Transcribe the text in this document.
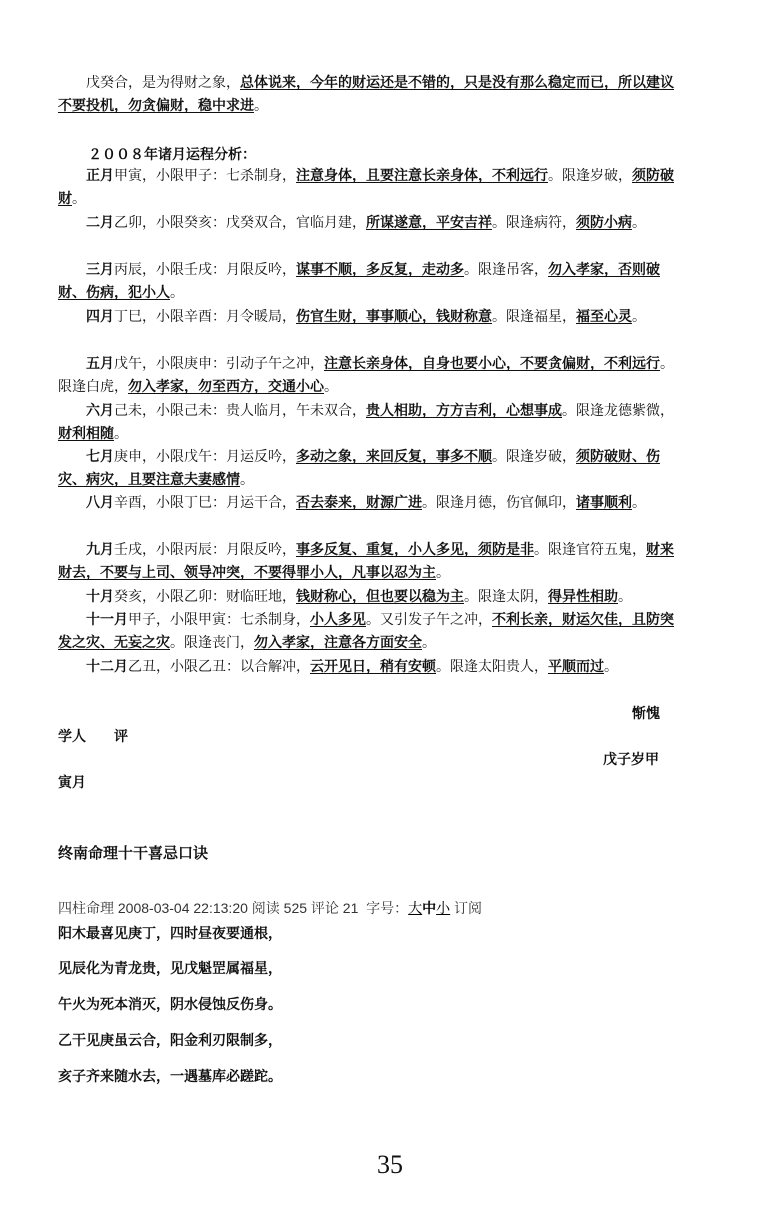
戊癸合，是为得财之象，总体说来，今年的财运还是不错的，只是没有那么稳定而已，所以建议不要投机，勿贪偏财，稳中求进。

２００８年诸月运程分析：

正月甲寅，小限甲子：七杀制身，注意身体，且要注意长亲身体，不利远行。限逢岁破，须防破财。

二月乙卯，小限癸亥：戊癸双合，官临月建，所谋遂意，平安吉祥。限逢病符，须防小病。

三月丙辰，小限壬戌：月限反吟，谋事不顺，多反复，走动多。限逢吊客，勿入孝家，否则破财、伤病，犯小人。

四月丁巳，小限辛酉：月令暖局，伤官生财，事事顺心，钱财称意。限逢福星，福至心灵。

五月戊午，小限庚申：引动子午之冲，注意长亲身体，自身也要小心，不要贪偏财，不利远行。限逢白虎，勿入孝家，勿至西方，交通小心。

六月己未，小限己未：贵人临月，午未双合，贵人相助，方方吉利，心想事成。限逢龙德紫微，财利相随。

七月庚申，小限戊午：月运反吟，多动之象，来回反复，事多不顺。限逢岁破，须防破财、伤灾、病灾，且要注意夫妻感情。

八月辛酉，小限丁巳：月运干合，否去泰来，财源广进。限逢月德，伤官佩印，诸事顺利。

九月壬戌，小限丙辰：月限反吟，事多反复、重复，小人多见，须防是非。限逢官符五鬼，财来财去，不要与上司、领导冲突，不要得罪小人，凡事以忍为主。

十月癸亥，小限乙卯：财临旺地，钱财称心，但也要以稳为主。限逢太阴，得异性相助。

十一月甲子，小限甲寅：七杀制身，小人多见。又引发子午之冲，不利长亲，财运欠佳，且防突发之灾、无妄之灾。限逢丧门，勿入孝家，注意各方面安全。

十二月乙丑，小限乙丑：以合解冲，云开见日，稍有安顿。限逢太阳贵人，平顺而过。

惭愧

学人　　评

戊子岁甲

寅月

终南命理十干喜忌口诀

四柱命理 2008-03-04 22:13:20 阅读 525 评论 21  字号：大中小 订阅

阳木最喜见庚丁，四时昼夜要通根，

见辰化为青龙贵，见戊魁罡属福星，

午火为死本消灭，阴水侵蚀反伤身。

乙干见庚虽云合，阳金利刃限制多，

亥子齐来随水去，一遇墓库必蹉跎。

35
